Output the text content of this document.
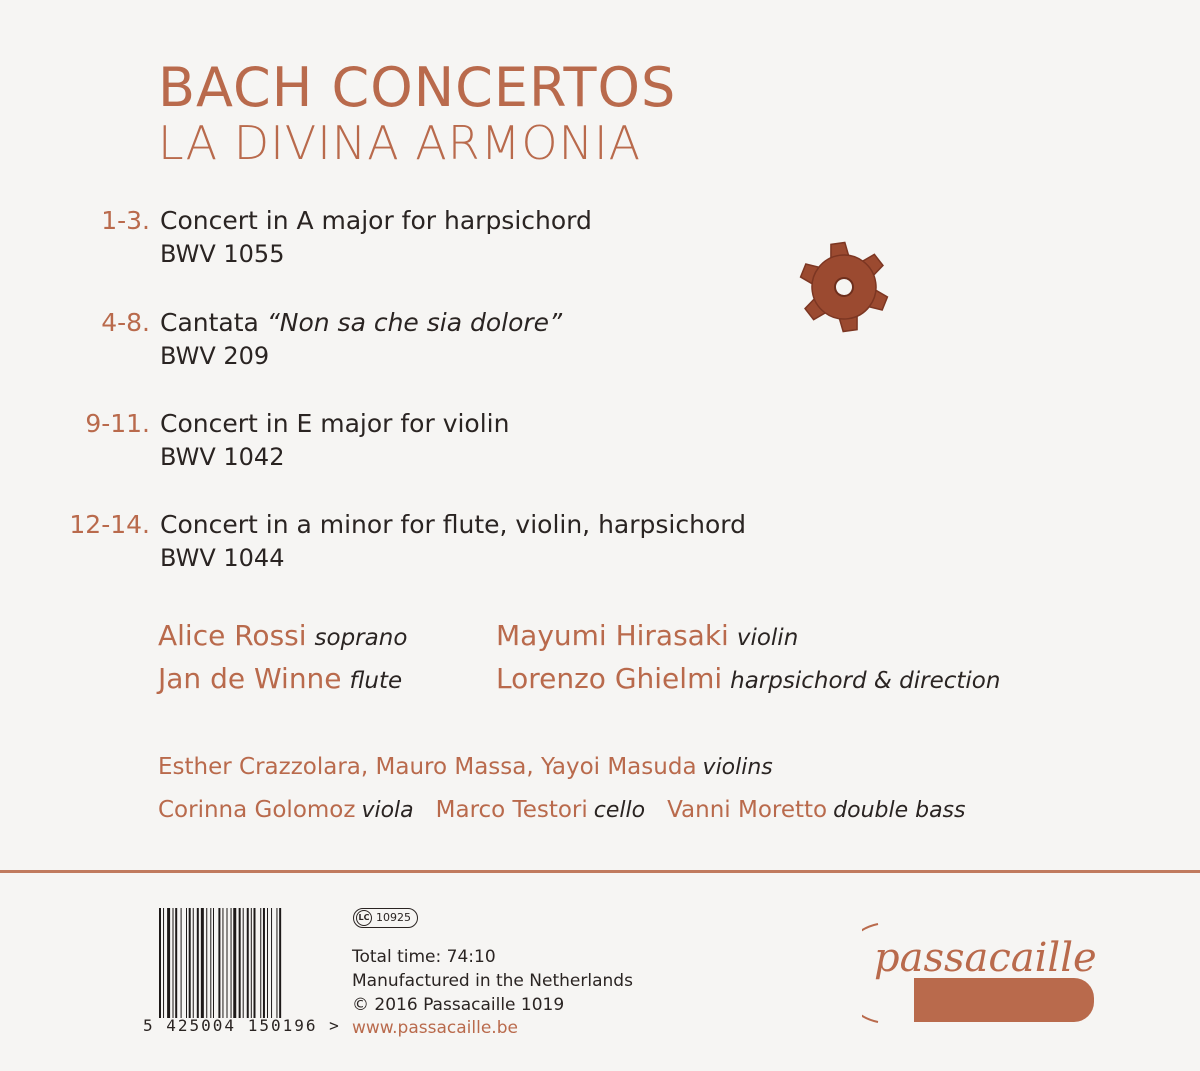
BACH CONCERTOS
LA DIVINA ARMONIA
1-3. Concert in A major for harpsichord
BWV 1055
4-8. Cantata “Non sa che sia dolore”
BWV 209
9-11. Concert in E major for violin
BWV 1042
12-14. Concert in a minor for flute, violin, harpsichord
BWV 1044
Alice Rossi soprano
Jan de Winne flute
Mayumi Hirasaki violin
Lorenzo Ghielmi harpsichord & direction
Esther Crazzolara, Mauro Massa, Yayoi Masuda violins
Corinna Golomoz viola Marco Testori cello Vanni Moretto double bass
5 425004 150196 >
LC 10925
Total time: 74:10
Manufactured in the Netherlands
© 2016 Passacaille 1019
www.passacaille.be
passacaille
